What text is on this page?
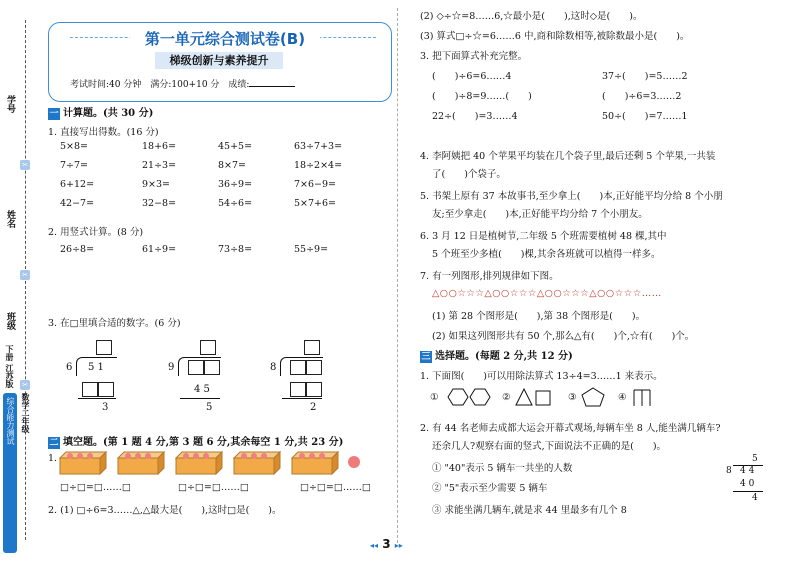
学号
姓名
班级
下册 江苏版
✂
✂
✂
综合能力测试 数学二年级
第一单元综合测试卷(B)
梯级创新与素养提升
考试时间:40 分钟　满分:100+10 分　成绩:
一 计算题。(共 30 分)
1. 直接写出得数。(16 分)
5×8=	18+6=	45+5=	63÷7+3=
7÷7=	21÷3=	8×7=	18÷2×4=
6+12=	9×3=	36÷9=	7×6−9=
42−7=	32−8=	54÷6=	5×7+6=
2. 用竖式计算。(8 分)
26÷8=	61÷9=	73÷8=	55÷9=
3. 在□里填合适的数字。(6 分)
6 5 1
3
9
4 5
5
8
2
二 填空题。(第 1 题 4 分,第 3 题 6 分,其余每空 1 分,共 23 分)
1.
□÷□=□……□	□÷□=□……□	□÷□=□……□
2. (1) □÷6=3……△,△最大是(　　),这时□是(　　)。
(2) ◇÷☆=8……6,☆最小是(　　),这时◇是(　　)。
(3) 算式□÷☆=6……6 中,商和除数相等,被除数最小是(　　)。
3. 把下面算式补充完整。
(　　)÷6=6……4	37÷(　　)=5……2
(　　)÷8=9……(　　)	(　　)÷6=3……2
22÷(　　)=3……4	50÷(　　)=7……1
4. 李阿姨把 40 个苹果平均装在几个袋子里,最后还剩 5 个苹果,一共装
了(　　)个袋子。
5. 书架上原有 37 本故事书,至少拿上(　　)本,正好能平均分给 8 个小朋
友;至少拿走(　　)本,正好能平均分给 7 个小朋友。
6. 3 月 12 日是植树节,二年级 5 个班需要植树 48 棵,其中
5 个班至少多植(　　)棵,其余各班就可以植得一样多。
7. 有一列图形,排列规律如下图。
△○○☆☆☆△○○☆☆☆△○○☆☆☆△○○☆☆☆……
(1) 第 28 个图形是(　　),第 38 个图形是(　　)。
(2) 如果这列图形共有 50 个,那么△有(　　)个,☆有(　　)个。
三 选择题。(每题 2 分,共 12 分)
1. 下面图(　　)可以用除法算式 13÷4=3……1 来表示。
①	②	③	④
2. 有 44 名老师去成都大运会开幕式观场,每辆车坐 8 人,能坐满几辆车?
还余几人?观察右面的竖式,下面说法不正确的是(　　)。
① "40"表示 5 辆车一共坐的人数
② "5"表示至少需要 5 辆车
③ 求能坐满几辆车,就是求 44 里最多有几个 8
5
8 4 4
4 0
4
◂◂ 3 ▸▸
